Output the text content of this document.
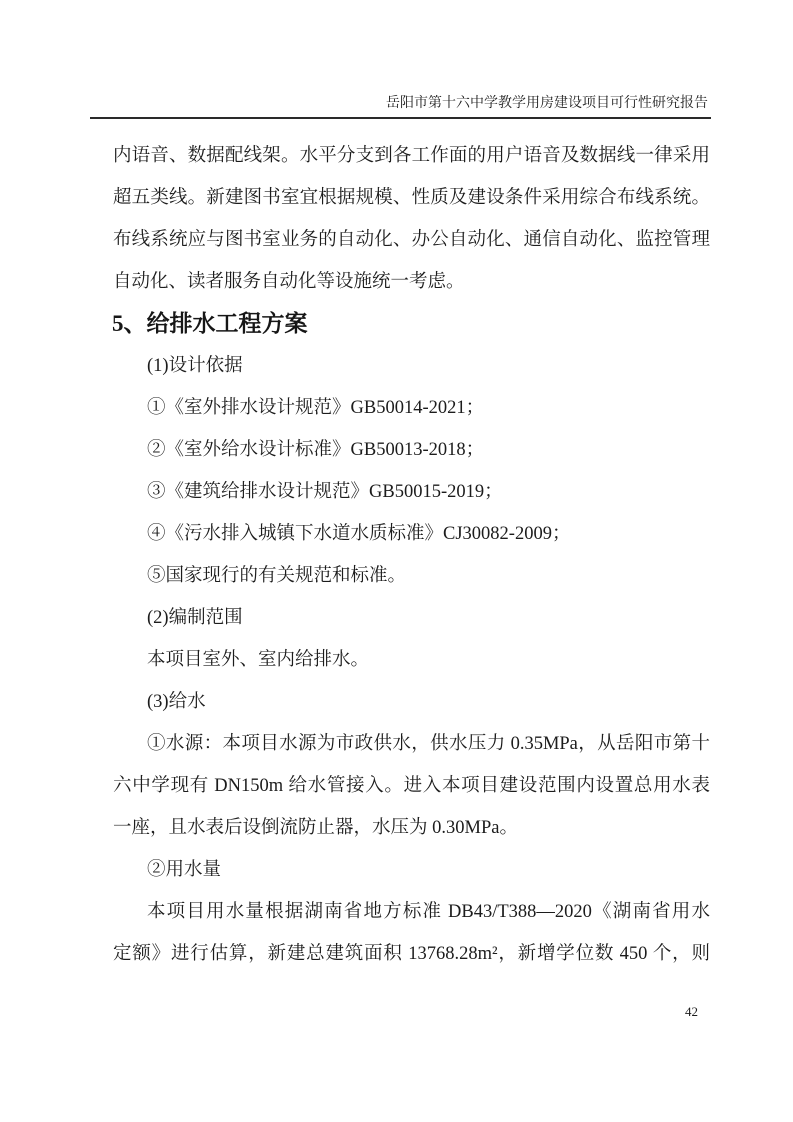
岳阳市第十六中学教学用房建设项目可行性研究报告
内语音、数据配线架。水平分支到各工作面的用户语音及数据线一律采用
超五类线。新建图书室宜根据规模、性质及建设条件采用综合布线系统。
布线系统应与图书室业务的自动化、办公自动化、通信自动化、监控管理
自动化、读者服务自动化等设施统一考虑。
5、给排水工程方案
(1)设计依据
①《室外排水设计规范》GB50014-2021；
②《室外给水设计标准》GB50013-2018；
③《建筑给排水设计规范》GB50015-2019；
④《污水排入城镇下水道水质标准》CJ30082-2009；
⑤国家现行的有关规范和标准。
(2)编制范围
本项目室外、室内给排水。
(3)给水
①水源：本项目水源为市政供水，供水压力 0.35MPa，从岳阳市第十
六中学现有 DN150m 给水管接入。进入本项目建设范围内设置总用水表
一座，且水表后设倒流防止器，水压为 0.30MPa。
②用水量
本项目用水量根据湖南省地方标准 DB43/T388—2020《湖南省用水
定额》进行估算，新建总建筑面积 13768.28m²，新增学位数 450 个，则
42
